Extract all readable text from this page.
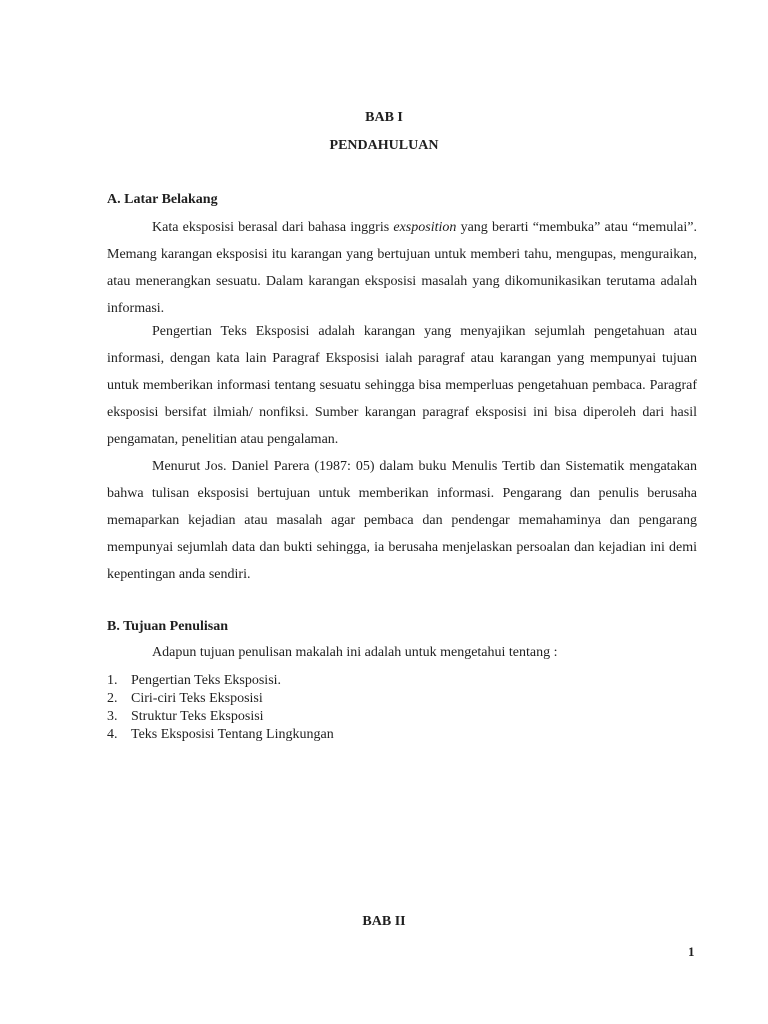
BAB I

PENDAHULUAN

A. Latar Belakang

Kata eksposisi berasal dari bahasa inggris exsposition yang berarti “membuka” atau “memulai”. Memang karangan eksposisi itu karangan yang bertujuan untuk memberi tahu, mengupas, menguraikan, atau menerangkan sesuatu. Dalam karangan eksposisi masalah yang dikomunikasikan terutama adalah informasi.

Pengertian Teks Eksposisi adalah karangan yang menyajikan sejumlah pengetahuan atau informasi, dengan kata lain Paragraf Eksposisi ialah paragraf atau karangan yang mempunyai tujuan untuk memberikan informasi tentang sesuatu sehingga bisa memperluas pengetahuan pembaca. Paragraf eksposisi bersifat ilmiah/ nonfiksi. Sumber karangan paragraf eksposisi ini bisa diperoleh dari hasil pengamatan, penelitian atau pengalaman.

Menurut Jos. Daniel Parera (1987: 05) dalam buku Menulis Tertib dan Sistematik mengatakan bahwa tulisan eksposisi bertujuan untuk memberikan informasi. Pengarang dan penulis berusaha memaparkan kejadian atau masalah agar pembaca dan pendengar memahaminya dan pengarang mempunyai sejumlah data dan bukti sehingga, ia berusaha menjelaskan persoalan dan kejadian ini demi kepentingan anda sendiri.

B. Tujuan Penulisan

Adapun tujuan penulisan makalah ini adalah untuk mengetahui tentang :

1. Pengertian Teks Eksposisi.
2. Ciri-ciri Teks Eksposisi
3. Struktur Teks Eksposisi
4. Teks Eksposisi Tentang Lingkungan

BAB II

1
